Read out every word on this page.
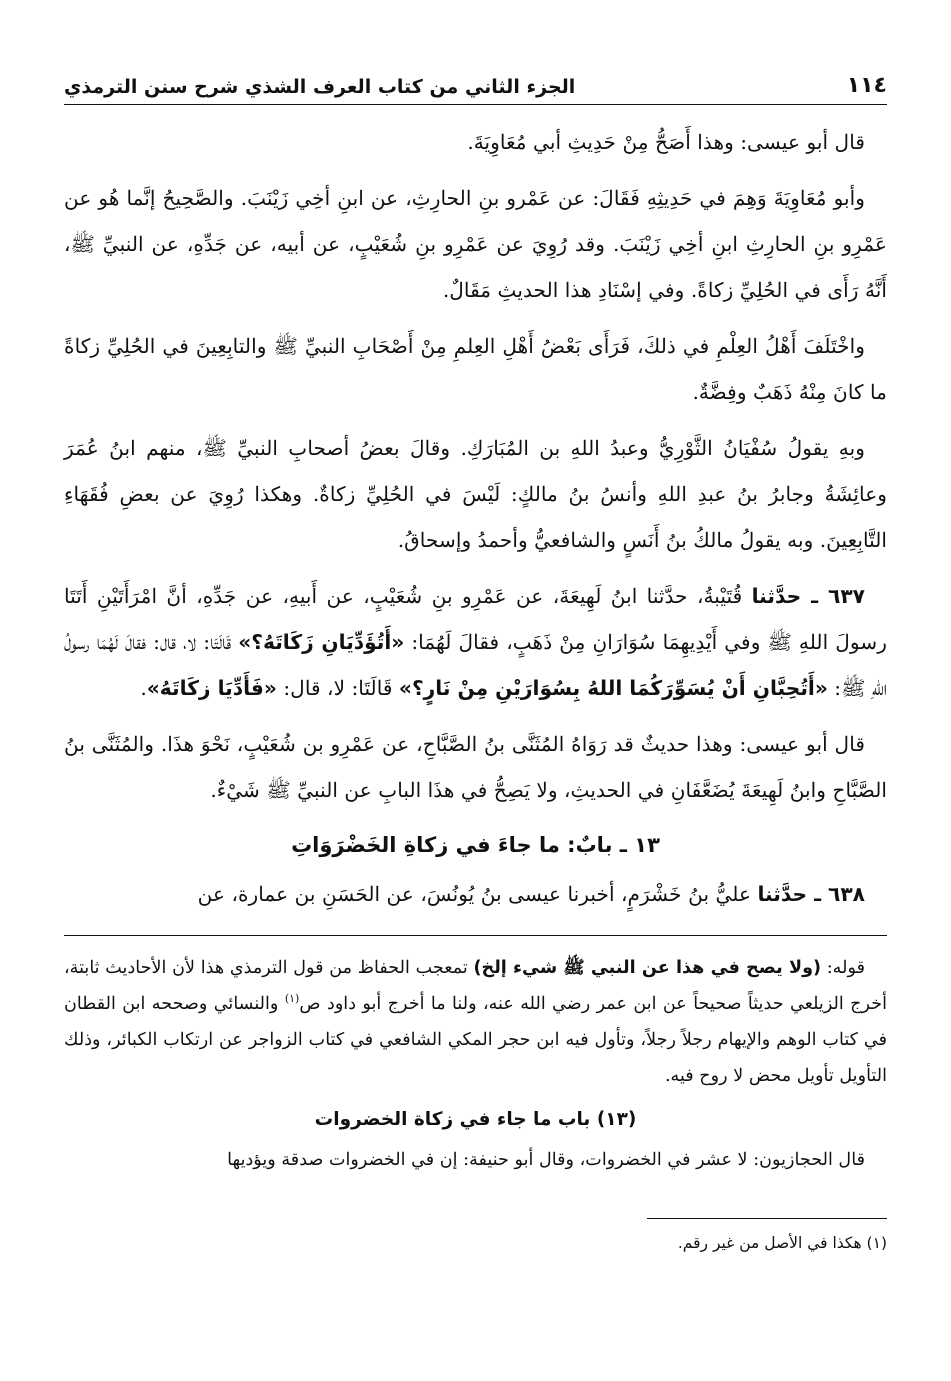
١١٤
الجزء الثاني من كتاب العرف الشذي شرح سنن الترمذي

قال أبو عيسى: وهذا أَصَحُّ مِنْ حَدِيثِ أبي مُعَاوِيَةَ.

وأبو مُعَاوِيَةَ وَهِمَ في حَدِيثِهِ فَقَالَ: عن عَمْرو بنِ الحارِثِ، عن ابنِ أخِي زَيْنَبَ. والصَّحِيحُ إنَّما هُو عن عَمْرِو بنِ الحارِثِ ابنِ أخِي زَيْنَبَ. وقد رُوِيَ عن عَمْرِو بنِ شُعَيْبٍ، عن أبيه، عن جَدِّهِ، عن النبيِّ ﷺ، أَنَّهُ رَأَى في الحُلِيِّ زكاةً. وفي إسْنَادِ هذا الحديثِ مَقَالٌ.

واخْتَلَفَ أَهْلُ العِلْمِ في ذلكَ، فَرَأَى بَعْضُ أَهْلِ العِلمِ مِنْ أَصْحَابِ النبيِّ ﷺ والتابِعِينَ في الحُلِيِّ زكاةً ما كانَ مِنْهُ ذَهَبٌ وفِضَّةٌ.

وبهِ يقولُ سُفْيَانُ الثَّوْرِيُّ وعبدُ اللهِ بن المُبَارَكِ. وقالَ بعضُ أصحابِ النبيِّ ﷺ، منهم ابنُ عُمَرَ وعائِشَةُ وجابرُ بنُ عبدِ اللهِ وأنسُ بنُ مالكٍ: لَيْسَ في الحُلِيِّ زكاةٌ. وهكذا رُوِيَ عن بعضِ فُقَهَاءِ التَّابِعِينَ. وبه يقولُ مالكُ بنُ أَنَسٍ والشافعيُّ وأحمدُ وإسحاقُ.

٦٣٧ ـ حدَّثنا قُتَيْبةُ، حدَّثنا ابنُ لَهِيعَةَ، عن عَمْرِو بنِ شُعَيْبٍ، عن أَبيهِ، عن جَدِّهِ، أنَّ امْرَأَتَيْنِ أَتَتَا رسولَ اللهِ ﷺ وفي أَيْدِيهِمَا سُوَارَانِ مِنْ ذَهَبٍ، فقالَ لَهُمَا: «أَتُؤَدِّيَانِ زَكَاتَهُ؟» قَالَتَا: لا، قال: فقالَ لَهُمَا رسولُ اللهِ ﷺ: «أَتُحِبَّانِ أَنْ يُسَوِّرَكُمَا اللهُ بِسُوَارَيْنِ مِنْ نَارٍ؟» قَالَتَا: لا، قال: «فَأَدِّيَا زكَاتَهُ».

قال أبو عيسى: وهذا حديثٌ قد رَوَاهُ المُثَنَّى بنُ الصَّبَّاحِ، عن عَمْرِو بن شُعَيْبٍ، نَحْوَ هذَا. والمُثَنَّى بنُ الصَّبَّاحِ وابنُ لَهِيعَةَ يُضَعَّفَانِ في الحديثِ، ولا يَصِحُّ في هذَا البابِ عن النبيِّ ﷺ شَيْءٌ.

١٣ ـ بابٌ: ما جاءَ في زكاةِ الخَضْرَوَاتِ

٦٣٨ ـ حدَّثنا عليُّ بنُ خَشْرَمٍ، أخبرنا عيسى بنُ يُونُسَ، عن الحَسَنِ بن عمارة، عن

قوله: (ولا يصح في هذا عن النبي ﷺ شيء إلخ) تمعجب الحفاظ من قول الترمذي هذا لأن الأحاديث ثابتة، أخرج الزيلعي حديثاً صحيحاً عن ابن عمر رضي الله عنه، ولنا ما أخرج أبو داود ص$^{(١)}$ والنسائي وصححه ابن القطان في كتاب الوهم والإيهام رجلاً رجلاً، وتأول فيه ابن حجر المكي الشافعي في كتاب الزواجر عن ارتكاب الكبائر، وذلك التأويل تأويل محض لا روح فيه.

(١٣) باب ما جاء في زكاة الخضروات

قال الحجازيون: لا عشر في الخضروات، وقال أبو حنيفة: إن في الخضروات صدقة ويؤديها

(١) هكذا في الأصل من غير رقم.
